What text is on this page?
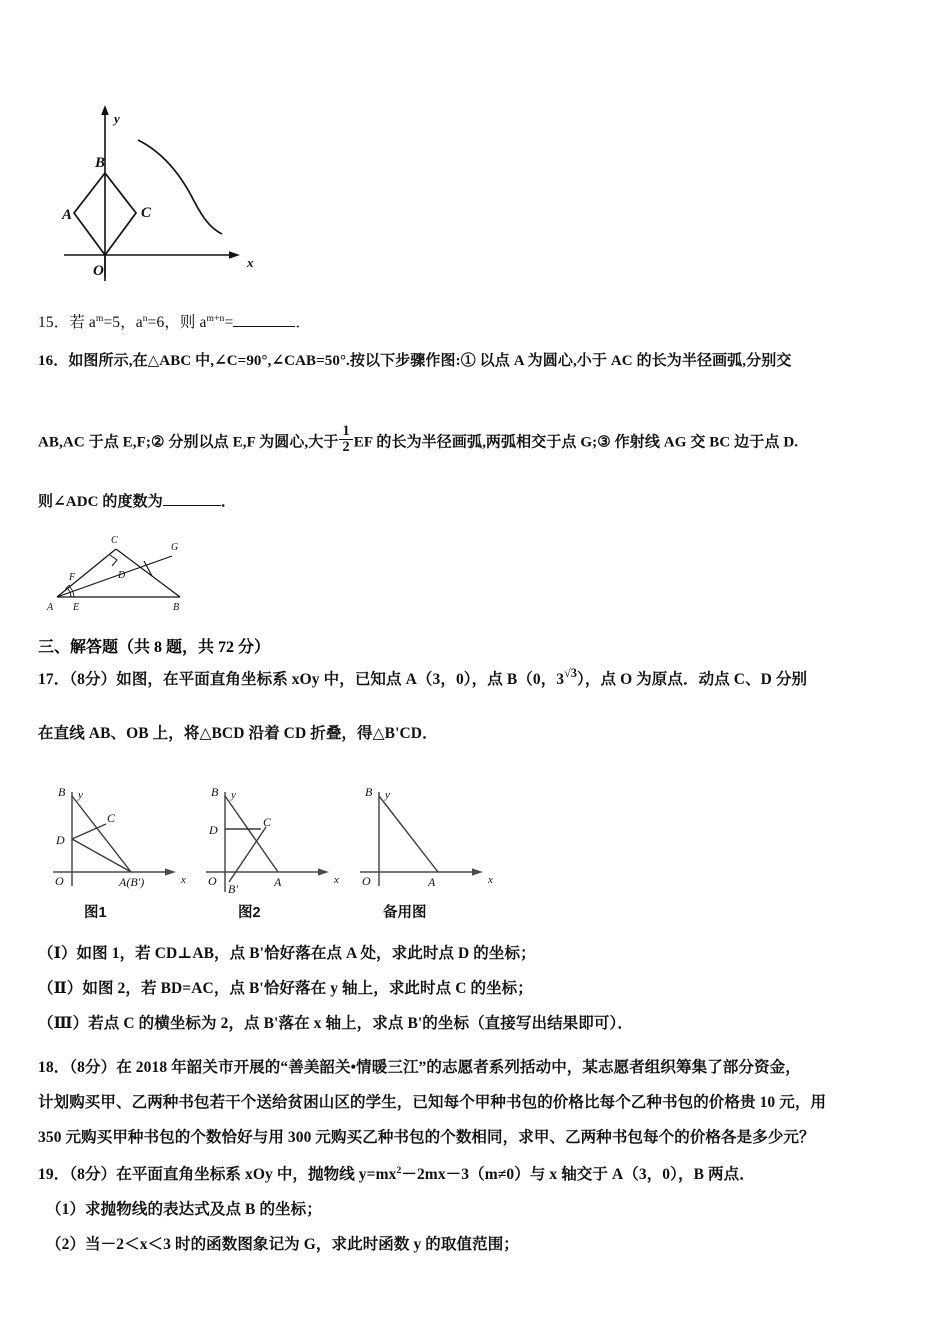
B
A	C
O
x
y
15．若 $a^m=5$，$a^n=6$，则 $a^{m+n}=$	．
16．如图所示,在△ABC 中,∠C=90°,∠CAB=50°.按以下步骤作图:① 以点 A 为圆心,小于 AC 的长为半径画弧,分别交
AB,AC 于点 E,F;② 分别以点 E,F 为圆心,大于 $\frac{1}{2}$ EF 的长为半径画弧,两弧相交于点 G;③ 作射线 AG 交 BC 边于点 D.
则∠ADC 的度数为	．
C
G
F	D
A E	B
三、解答题（共 8 题，共 72 分）
17．（8分）如图，在平面直角坐标系 xOy 中，已知点 A（3，0），点 B（0，3√3），点 O 为原点．动点 C、D 分别
在直线 AB、OB 上，将△BCD 沿着 CD 折叠，得△B'CD．
B
D
C
O	A(B')	x
y	B
D
C
O
B'	A	x
y	B
O	A	x
y
图1	图2	备用图
（Ⅰ）如图 1，若 CD⊥AB，点 B'恰好落在点 A 处，求此时点 D 的坐标；
（Ⅱ）如图 2，若 BD=AC，点 B'恰好落在 y 轴上，求此时点 C 的坐标；
（Ⅲ）若点 C 的横坐标为 2，点 B'落在 x 轴上，求点 B'的坐标（直接写出结果即可）．
18．（8分）在 2018 年韶关市开展的“善美韶关•情暖三江”的志愿者系列括动中，某志愿者组织筹集了部分资金，
计划购买甲、乙两种书包若干个送给贫困山区的学生，已知每个甲种书包的价格比每个乙种书包的价格贵 10 元，用
350 元购买甲种书包的个数恰好与用 300 元购买乙种书包的个数相同，求甲、乙两种书包每个的价格各是多少元？
19．（8分）在平面直角坐标系 xOy 中，抛物线 $y=mx^2-2mx-3(m\ne 0)$与 x 轴交于 A（3，0），B 两点．
（1）求抛物线的表达式及点 B 的坐标；
（2）当－2＜x＜3 时的函数图象记为 G，求此时函数 y 的取值范围；
